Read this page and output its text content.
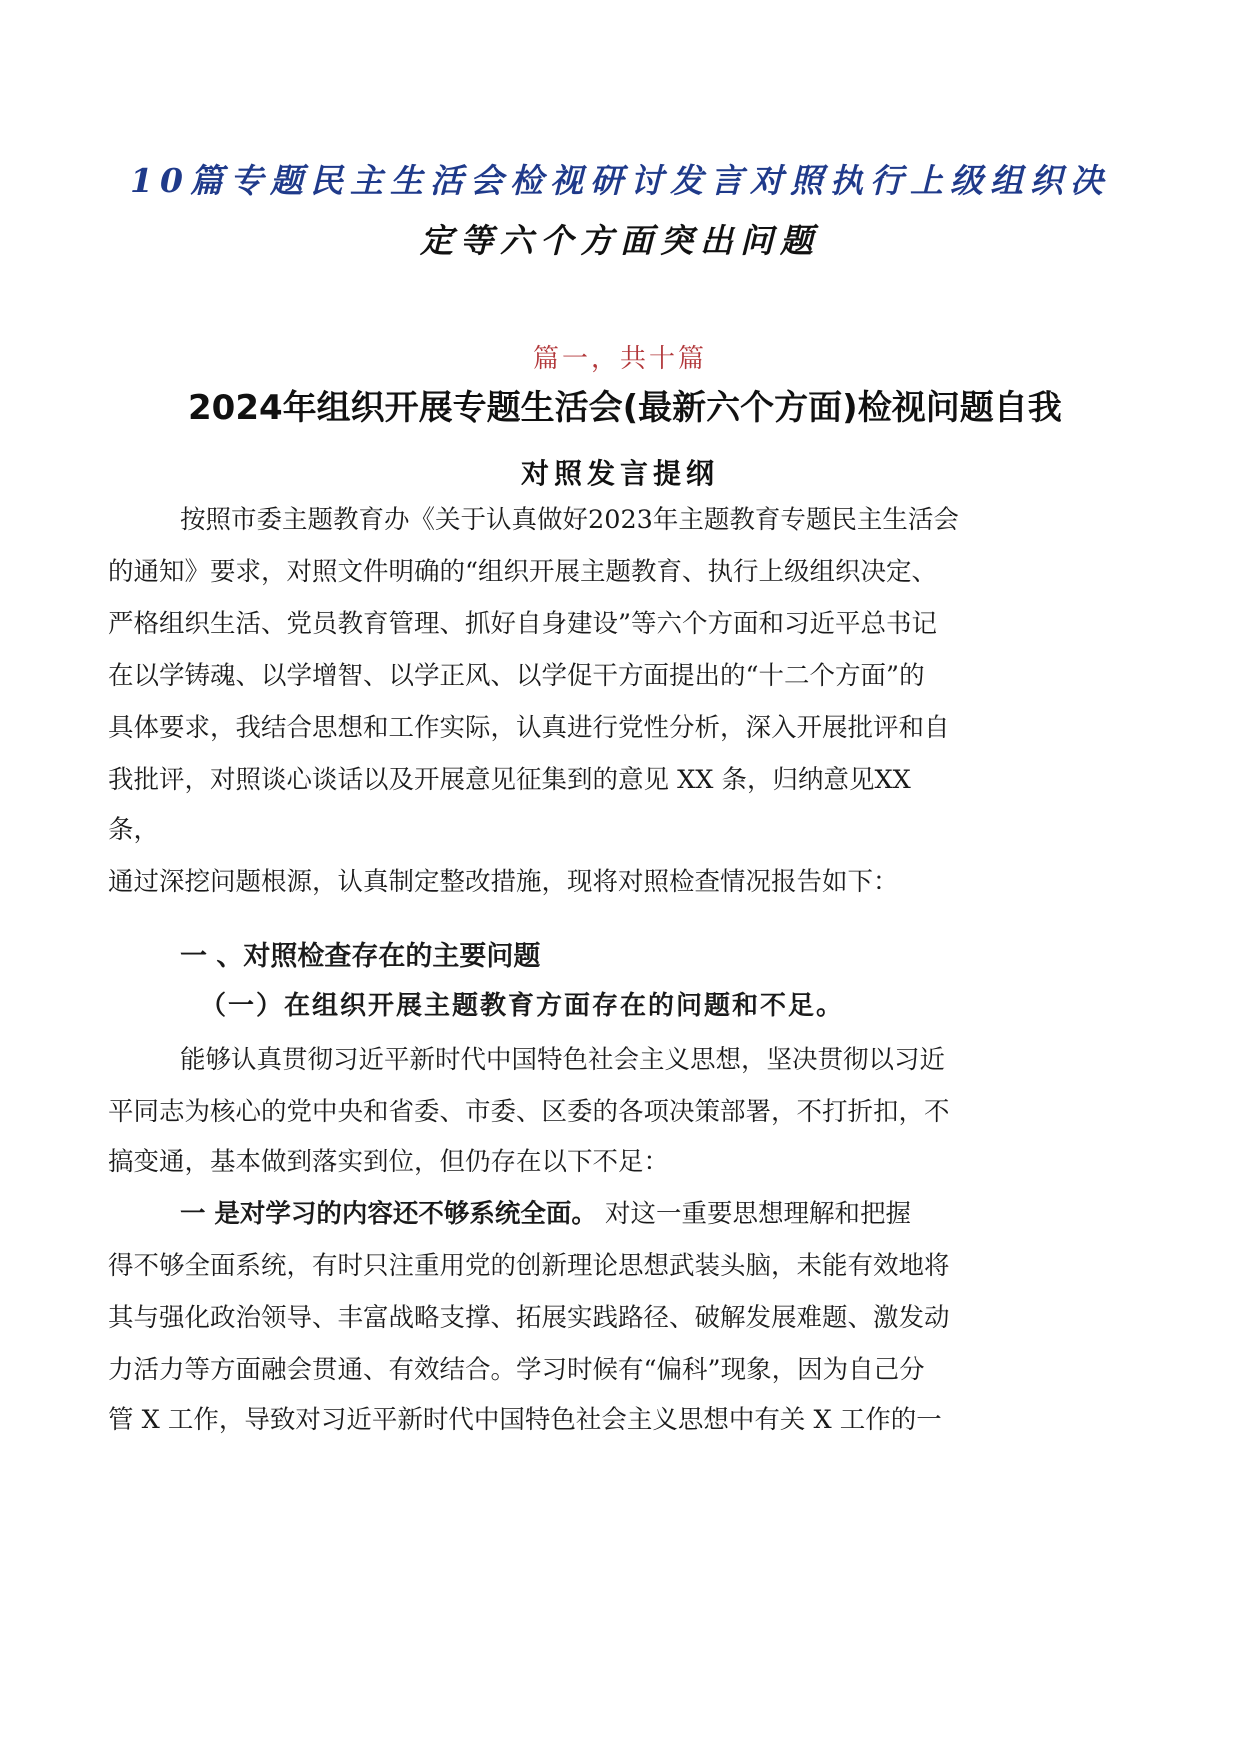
10篇专题民主生活会检视研讨发言对照执行上级组织决
定等六个方面突出问题
篇一，共十篇
2024年组织开展专题生活会(最新六个方面)检视问题自我
对照发言提纲
按照市委主题教育办《关于认真做好2023年主题教育专题民主生活会
的通知》要求，对照文件明确的“组织开展主题教育、执行上级组织决定、
严格组织生活、党员教育管理、抓好自身建设”等六个方面和习近平总书记
在以学铸魂、以学增智、以学正风、以学促干方面提出的“十二个方面”的
具体要求，我结合思想和工作实际，认真进行党性分析，深入开展批评和自
我批评，对照谈心谈话以及开展意见征集到的意见 XX 条，归纳意见XX
条，
通过深挖问题根源，认真制定整改措施，现将对照检查情况报告如下：
一 、对照检查存在的主要问题
（一）在组织开展主题教育方面存在的问题和不足。
能够认真贯彻习近平新时代中国特色社会主义思想，坚决贯彻以习近
平同志为核心的党中央和省委、市委、区委的各项决策部署，不打折扣，不
搞变通，基本做到落实到位，但仍存在以下不足：
一 是对学习的内容还不够系统全面。 对这一重要思想理解和把握
得不够全面系统，有时只注重用党的创新理论思想武装头脑，未能有效地将
其与强化政治领导、丰富战略支撑、拓展实践路径、破解发展难题、激发动
力活力等方面融会贯通、有效结合。学习时候有“偏科”现象，因为自己分
管 X 工作，导致对习近平新时代中国特色社会主义思想中有关 X 工作的一
